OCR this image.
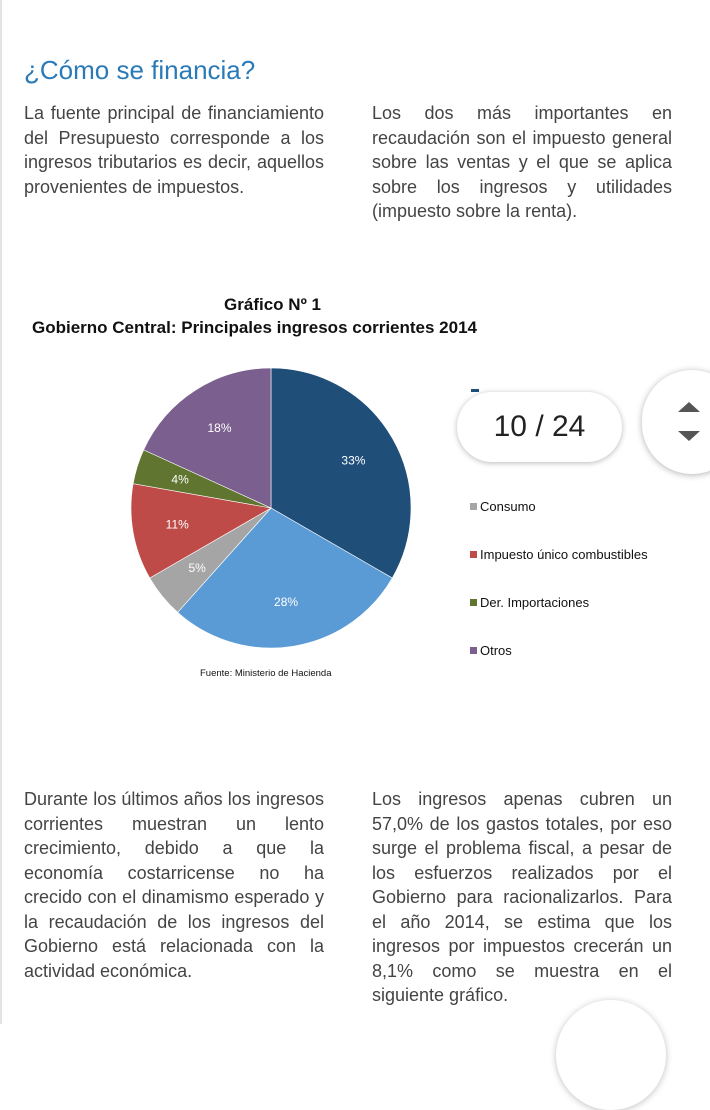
¿Cómo se financia?
La fuente principal de financiamiento del Presupuesto corresponde a los ingresos tributarios es decir, aquellos provenientes de impuestos.
Los dos más importantes en recaudación son el impuesto general sobre las ventas y el que se aplica sobre los ingresos y utilidades (impuesto sobre la renta).
Gráfico Nº 1
Gobierno Central: Principales ingresos corrientes 2014
33%
28%
5%
11%
4%
18%
Consumo
Impuesto único combustibles
Der. Importaciones
Otros
Fuente: Ministerio de Hacienda
10 / 24
Durante los últimos años los ingresos corrientes muestran un lento crecimiento, debido a que la economía costarricense no ha crecido con el dinamismo esperado y la recaudación de los ingresos del Gobierno está relacionada con la actividad económica.
Los ingresos apenas cubren un 57,0% de los gastos totales, por eso surge el problema fiscal, a pesar de los esfuerzos realizados por el Gobierno para racionalizarlos. Para el año 2014, se estima que los ingresos por impuestos crecerán un 8,1% como se muestra en el siguiente gráfico.
